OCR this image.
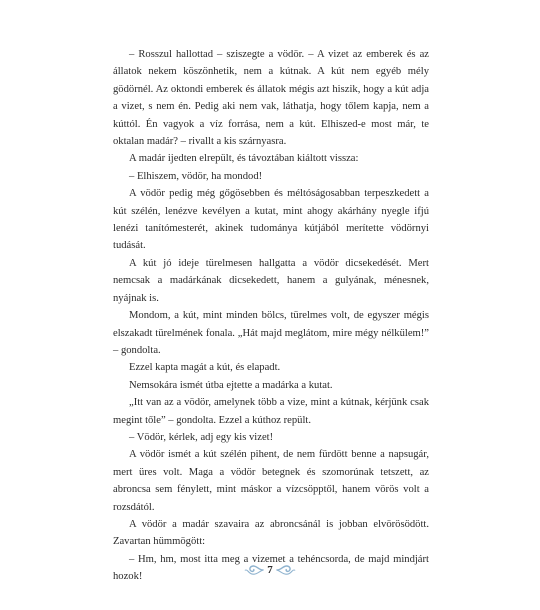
– Rosszul hallottad – sziszegte a vödör. – A vizet az emberek és az állatok nekem köszönhetik, nem a kútnak. A kút nem egyéb mély gödörnél. Az oktondi emberek és állatok mégis azt hiszik, hogy a kút adja a vizet, s nem én. Pedig aki nem vak, láthatja, hogy tőlem kapja, nem a kúttól. Én vagyok a víz forrása, nem a kút. Elhiszed-e most már, te oktalan madár? – rivallt a kis szárnyasra.

A madár ijedten elrepült, és távoztában kiáltott vissza:

– Elhiszem, vödör, ha mondod!

A vödör pedig még gőgösebben és méltóságosabban terpeszkedett a kút szélén, lenézve kevélyen a kutat, mint ahogy akárhány nyegle ifjú lenézi tanítómesterét, akinek tudománya kútjából merítette vödörnyi tudását.

A kút jó ideje türelmesen hallgatta a vödör dicsekedését. Mert nemcsak a madárkának dicsekedett, hanem a gulyának, ménesnek, nyájnak is.

Mondom, a kút, mint minden bölcs, türelmes volt, de egyszer mégis elszakadt türelmének fonala. „Hát majd meglátom, mire mégy nélkülem!” – gondolta.

Ezzel kapta magát a kút, és elapadt.

Nemsokára ismét útba ejtette a madárka a kutat.

„Itt van az a vödör, amelynek több a vize, mint a kútnak, kérjünk csak megint tőle” – gondolta. Ezzel a kúthoz repült.

– Vödör, kérlek, adj egy kis vizet!

A vödör ismét a kút szélén pihent, de nem fürdött benne a napsugár, mert üres volt. Maga a vödör betegnek és szomorúnak tetszett, az abroncsa sem fénylett, mint máskor a vízcsöpptől, hanem vörös volt a rozsdától.

A vödör a madár szavaira az abroncsánál is jobban elvörösödött. Zavartan hümmögött:

– Hm, hm, most itta meg a vizemet a tehéncsorda, de majd mindjárt hozok!

7
